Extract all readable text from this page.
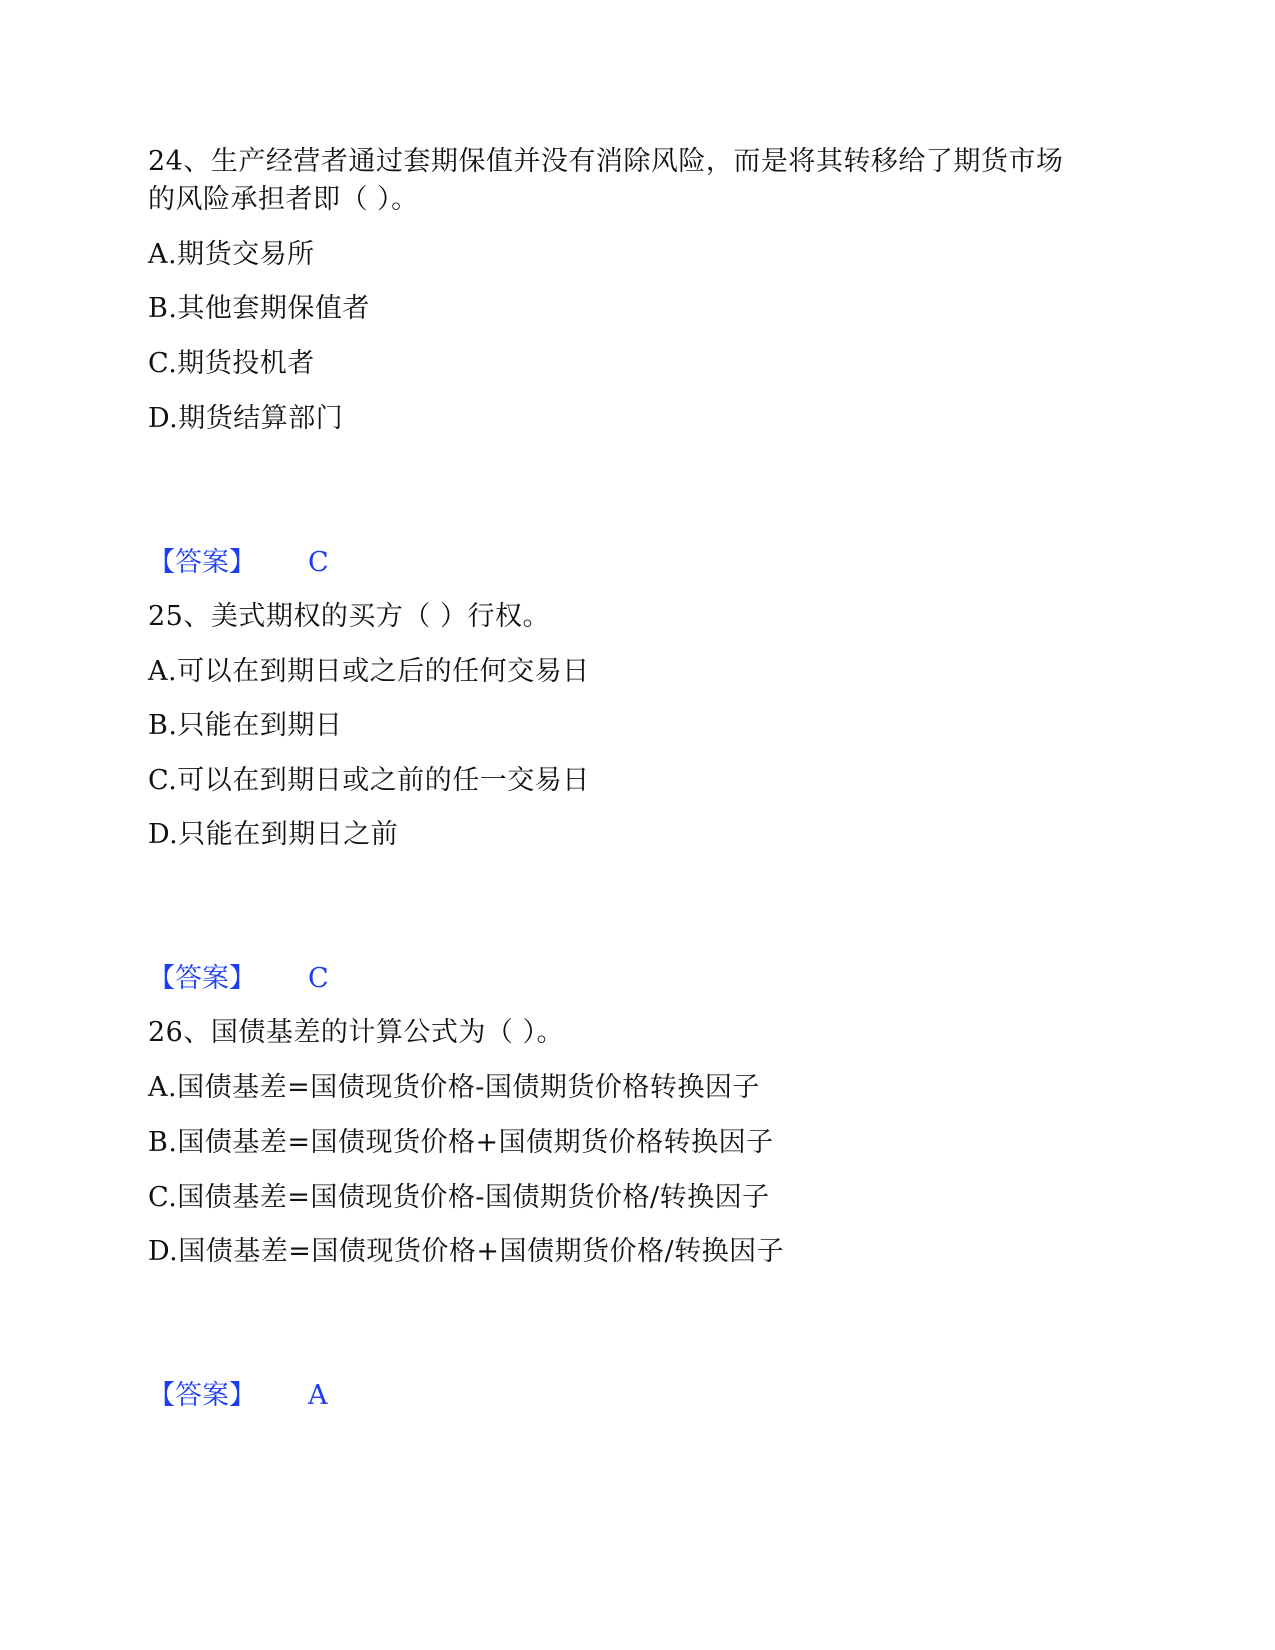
24、生产经营者通过套期保值并没有消除风险，而是将其转移给了期货市场
的风险承担者即（ ）。
A.期货交易所
B.其他套期保值者
C.期货投机者
D.期货结算部门
【答案】 C
25、美式期权的买方（ ）行权。
A.可以在到期日或之后的任何交易日
B.只能在到期日
C.可以在到期日或之前的任一交易日
D.只能在到期日之前
【答案】 C
26、国债基差的计算公式为（ ）。
A.国债基差=国债现货价格-国债期货价格转换因子
B.国债基差=国债现货价格+国债期货价格转换因子
C.国债基差=国债现货价格-国债期货价格/转换因子
D.国债基差=国债现货价格+国债期货价格/转换因子
【答案】 A
